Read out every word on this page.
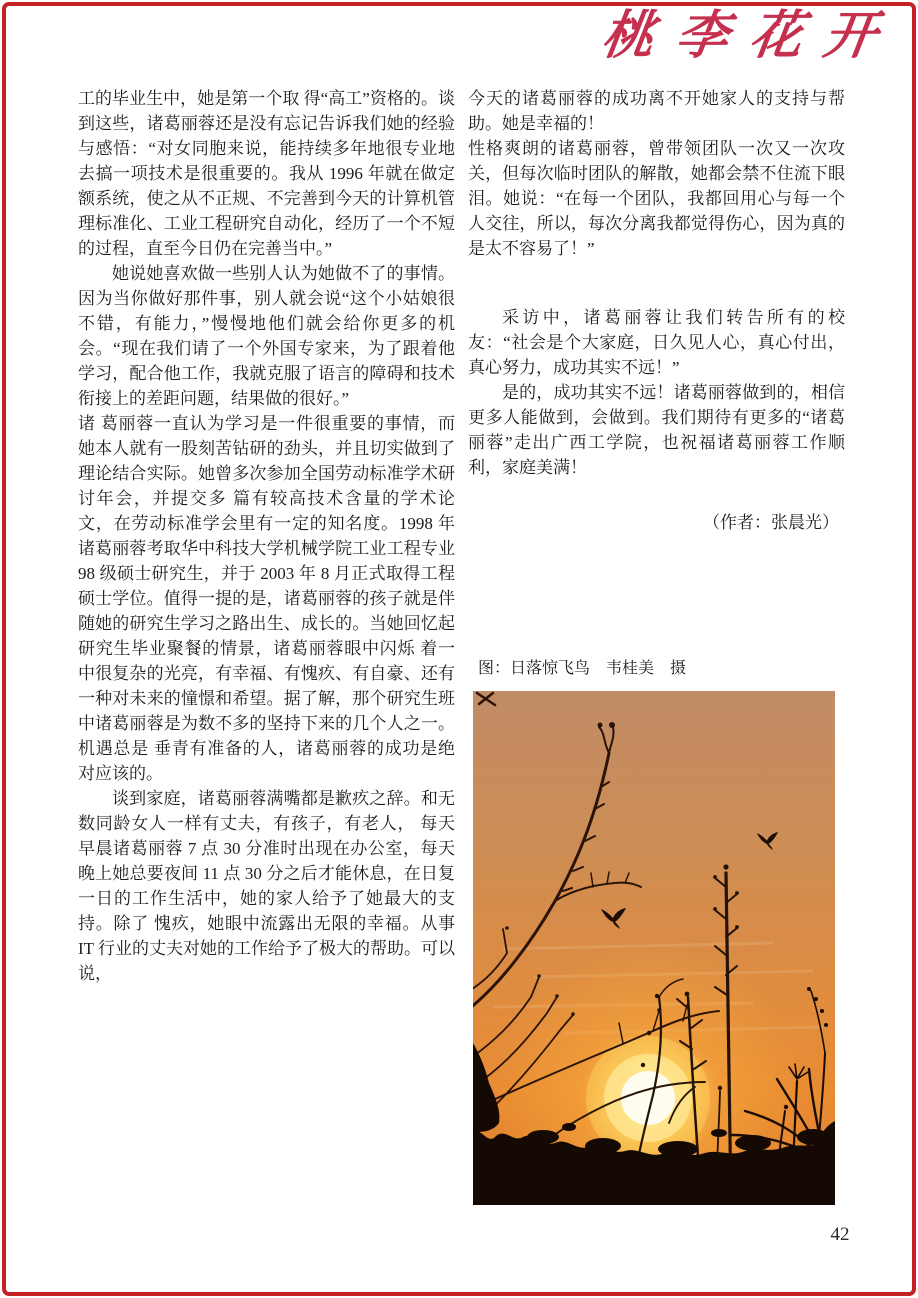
桃李花开

工的毕业生中，她是第一个取 得“高工”资格的。谈到这些，诸葛丽蓉还是没有忘记告诉我们她的经验与感悟：“对女同胞来说，能持续多年地很专业地去搞一项技术是很重要的。我从 1996 年就在做定额系统，使之从不正规、不完善到今天的计算机管理标准化、工业工程研究自动化，经历了一个不短的过程，直至今日仍在完善当中。”

她说她喜欢做一些别人认为她做不了的事情。因为当你做好那件事，别人就会说“这个小姑娘很不错，有能力，”慢慢地他们就会给你更多的机会。“现在我们请了一个外国专家来，为了跟着他学习，配合他工作，我就克服了语言的障碍和技术衔接上的差距问题，结果做的很好。”

诸 葛丽蓉一直认为学习是一件很重要的事情，而她本人就有一股刻苦钻研的劲头，并且切实做到了理论结合实际。她曾多次参加全国劳动标准学术研讨年会，并提交多 篇有较高技术含量的学术论文，在劳动标准学会里有一定的知名度。1998 年诸葛丽蓉考取华中科技大学机械学院工业工程专业 98 级硕士研究生，并于 2003 年 8 月正式取得工程硕士学位。值得一提的是，诸葛丽蓉的孩子就是伴随她的研究生学习之路出生、成长的。当她回忆起研究生毕业聚餐的情景，诸葛丽蓉眼中闪烁 着一中很复杂的光亮，有幸福、有愧疚、有自豪、还有一种对未来的憧憬和希望。据了解，那个研究生班中诸葛丽蓉是为数不多的坚持下来的几个人之一。机遇总是 垂青有准备的人，诸葛丽蓉的成功是绝对应该的。

谈到家庭，诸葛丽蓉满嘴都是歉疚之辞。和无数同龄女人一样有丈夫，有孩子，有老人， 每天早晨诸葛丽蓉 7 点 30 分准时出现在办公室，每天晚上她总要夜间 11 点 30 分之后才能休息，在日复一日的工作生活中，她的家人给予了她最大的支持。除了 愧疚，她眼中流露出无限的幸福。从事 IT 行业的丈夫对她的工作给予了极大的帮助。可以说，

今天的诸葛丽蓉的成功离不开她家人的支持与帮助。她是幸福的！

性格爽朗的诸葛丽蓉，曾带领团队一次又一次攻关，但每次临时团队的解散，她都会禁不住流下眼泪。她说：“在每一个团队，我都回用心与每一个人交往，所以，每次分离我都觉得伤心，因为真的是太不容易了！”

采访中，诸葛丽蓉让我们转告所有的校友：“社会是个大家庭，日久见人心，真心付出，真心努力，成功其实不远！”

是的，成功其实不远！诸葛丽蓉做到的，相信更多人能做到，会做到。我们期待有更多的“诸葛丽蓉”走出广西工学院，也祝福诸葛丽蓉工作顺利，家庭美满！

（作者：张晨光）

图：日落惊飞鸟　韦桂美　摄

42
